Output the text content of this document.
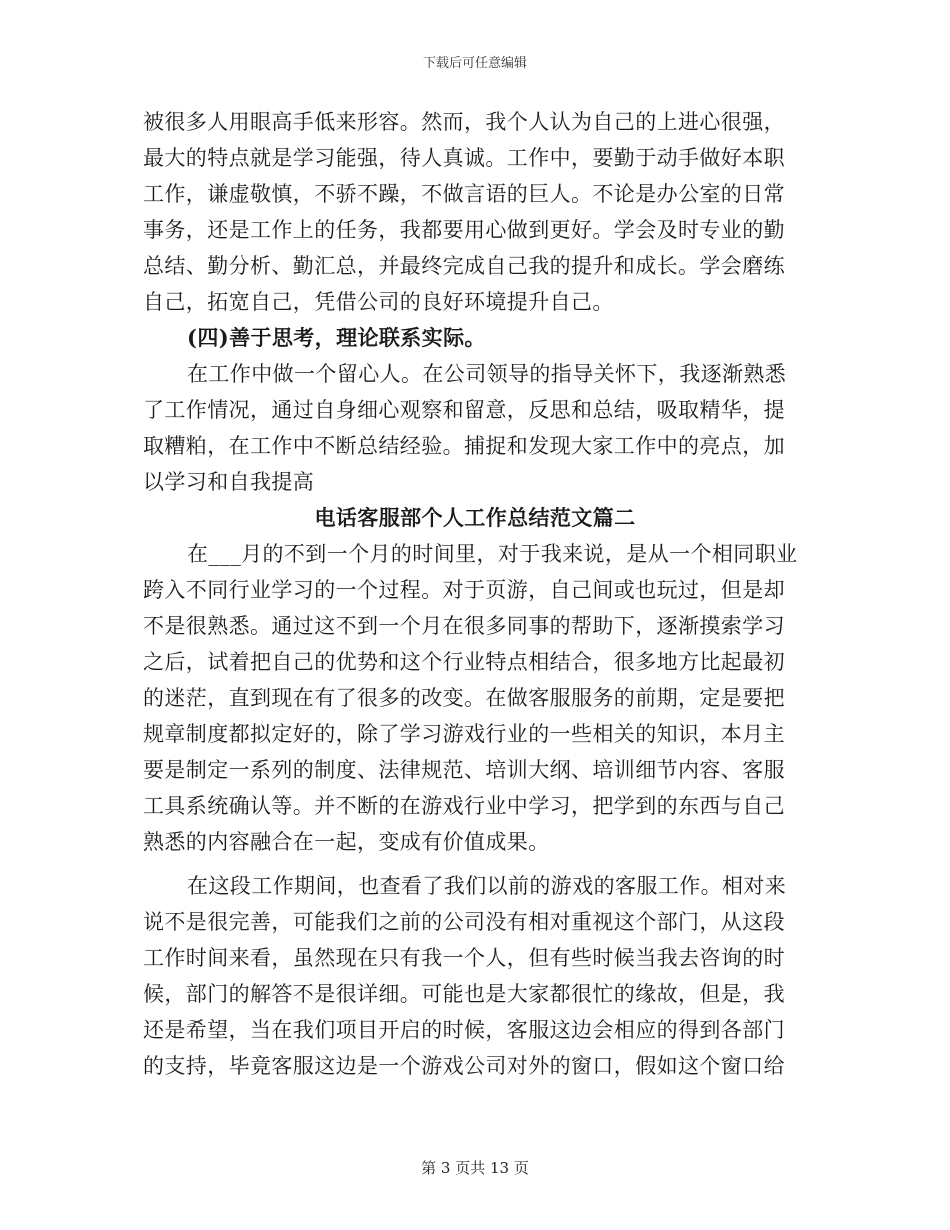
下载后可任意编辑
被很多人用眼高手低来形容。然而，我个人认为自己的上进心很强，
最大的特点就是学习能强，待人真诚。工作中，要勤于动手做好本职
工作，谦虚敬慎，不骄不躁，不做言语的巨人。不论是办公室的日常
事务，还是工作上的任务，我都要用心做到更好。学会及时专业的勤
总结、勤分析、勤汇总，并最终完成自己我的提升和成长。学会磨练
自己，拓宽自己，凭借公司的良好环境提升自己。
(四)善于思考，理论联系实际。
在工作中做一个留心人。在公司领导的指导关怀下，我逐渐熟悉
了工作情况，通过自身细心观察和留意，反思和总结，吸取精华，提
取糟粕，在工作中不断总结经验。捕捉和发现大家工作中的亮点，加
以学习和自我提高
电话客服部个人工作总结范文篇二
在___月的不到一个月的时间里，对于我来说，是从一个相同职业
跨入不同行业学习的一个过程。对于页游，自己间或也玩过，但是却
不是很熟悉。通过这不到一个月在很多同事的帮助下，逐渐摸索学习
之后，试着把自己的优势和这个行业特点相结合，很多地方比起最初
的迷茫，直到现在有了很多的改变。在做客服服务的前期，定是要把
规章制度都拟定好的，除了学习游戏行业的一些相关的知识，本月主
要是制定一系列的制度、法律规范、培训大纲、培训细节内容、客服
工具系统确认等。并不断的在游戏行业中学习，把学到的东西与自己
熟悉的内容融合在一起，变成有价值成果。
在这段工作期间，也查看了我们以前的游戏的客服工作。相对来
说不是很完善，可能我们之前的公司没有相对重视这个部门，从这段
工作时间来看，虽然现在只有我一个人，但有些时候当我去咨询的时
候，部门的解答不是很详细。可能也是大家都很忙的缘故，但是，我
还是希望，当在我们项目开启的时候，客服这边会相应的得到各部门
的支持，毕竟客服这边是一个游戏公司对外的窗口，假如这个窗口给
第 3 页共 13 页
